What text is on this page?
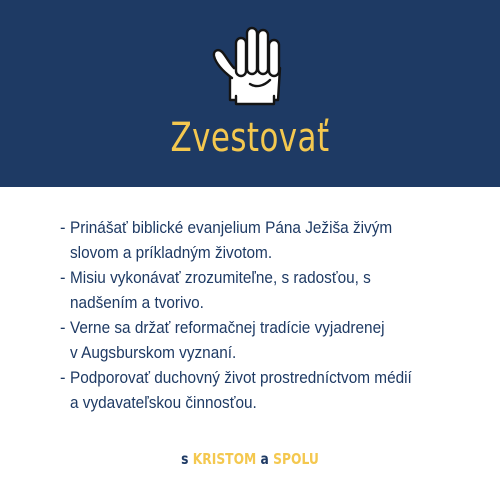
Zvestovať
- Prinášať biblické evanjelium Pána Ježiša živým
slovom a príkladným životom.
- Misiu vykonávať zrozumiteľne, s radosťou, s
nadšením a tvorivo.
- Verne sa držať reformačnej tradície vyjadrenej
v Augsburskom vyznaní.
- Podporovať duchovný život prostredníctvom médií
a vydavateľskou činnosťou.
s KRISTOM a SPOLU
